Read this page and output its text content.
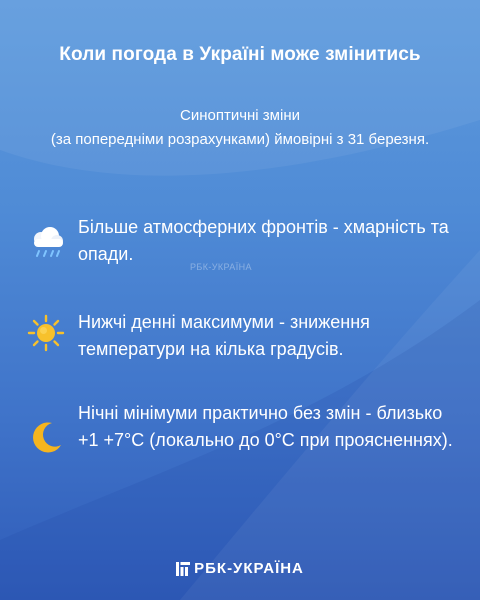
Коли погода в Україні може змінитись
Синоптичні зміни
(за попередніми розрахунками) ймовірні з 31 березня.
Більше атмосферних фронтів - хмарність та опади.
РБК-УКРАЇНА
Нижчі денні максимуми - зниження температури на кілька градусів.
Нічні мінімуми практично без змін - близько +1 +7°C (локально до 0°C при проясненнях).
РБК-УКРАЇНА
